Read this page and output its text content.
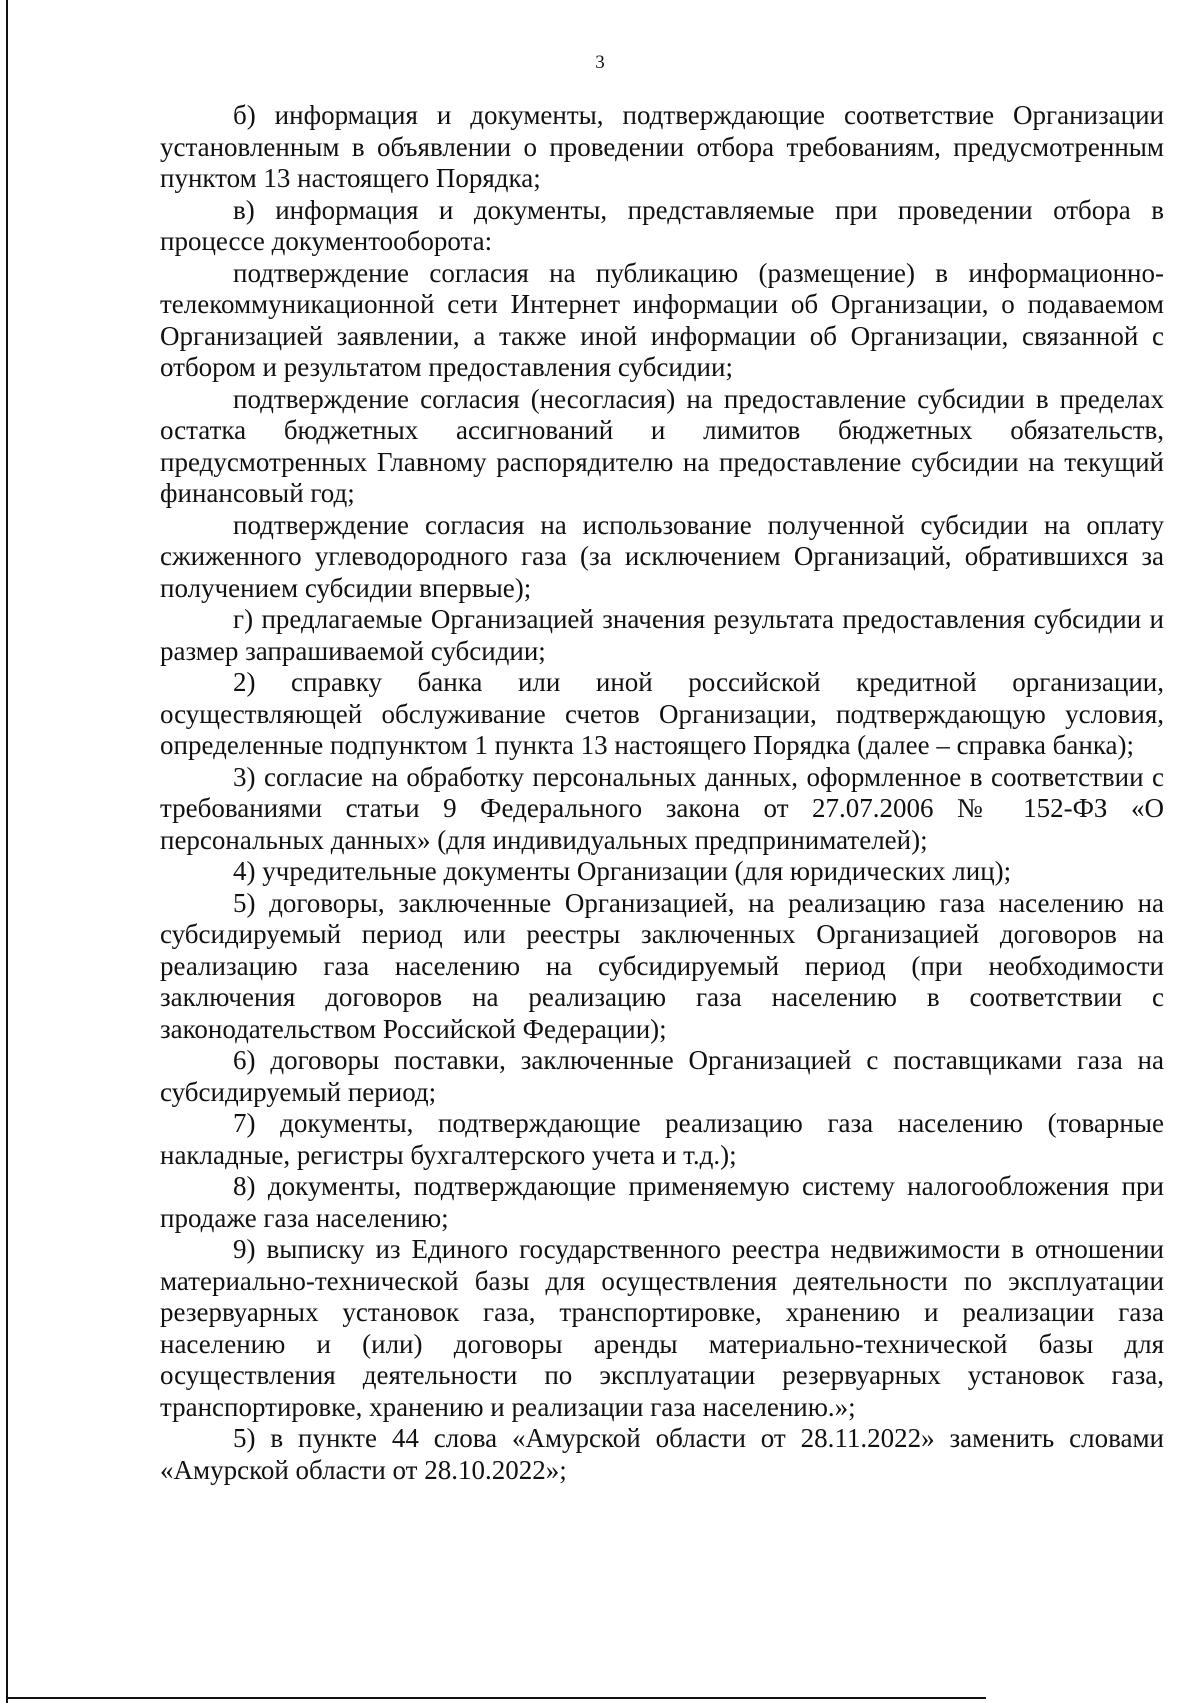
3

б) информация и документы, подтверждающие соответствие Организации установленным в объявлении о проведении отбора требованиям, предусмотренным пунктом 13 настоящего Порядка;

в) информация и документы, представляемые при проведении отбора в процессе документооборота:

подтверждение согласия на публикацию (размещение) в информационно-телекоммуникационной сети Интернет информации об Организации, о подаваемом Организацией заявлении, а также иной информации об Организации, связанной с отбором и результатом предоставления субсидии;

подтверждение согласия (несогласия) на предоставление субсидии в пределах остатка бюджетных ассигнований и лимитов бюджетных обязательств, предусмотренных Главному распорядителю на предоставление субсидии на текущий финансовый год;

подтверждение согласия на использование полученной субсидии на оплату сжиженного углеводородного газа (за исключением Организаций, обратившихся за получением субсидии впервые);

г) предлагаемые Организацией значения результата предоставления субсидии и размер запрашиваемой субсидии;

2) справку банка или иной российской кредитной организации, осуществляющей обслуживание счетов Организации, подтверждающую условия, определенные подпунктом 1 пункта 13 настоящего Порядка (далее – справка банка);

3) согласие на обработку персональных данных, оформленное в соответствии с требованиями статьи 9 Федерального закона от 27.07.2006 № 152-ФЗ «О персональных данных» (для индивидуальных предпринимателей);

4) учредительные документы Организации (для юридических лиц);

5) договоры, заключенные Организацией, на реализацию газа населению на субсидируемый период или реестры заключенных Организацией договоров на реализацию газа населению на субсидируемый период (при необходимости заключения договоров на реализацию газа населению в соответствии с законодательством Российской Федерации);

6) договоры поставки, заключенные Организацией с поставщиками газа на субсидируемый период;

7) документы, подтверждающие реализацию газа населению (товарные накладные, регистры бухгалтерского учета и т.д.);

8) документы, подтверждающие применяемую систему налогообложения при продаже газа населению;

9) выписку из Единого государственного реестра недвижимости в отношении материально-технической базы для осуществления деятельности по эксплуатации резервуарных установок газа, транспортировке, хранению и реализации газа населению и (или) договоры аренды материально-технической базы для осуществления деятельности по эксплуатации резервуарных установок газа, транспортировке, хранению и реализации газа населению.»;

5) в пункте 44 слова «Амурской области от 28.11.2022» заменить словами «Амурской области от 28.10.2022»;
